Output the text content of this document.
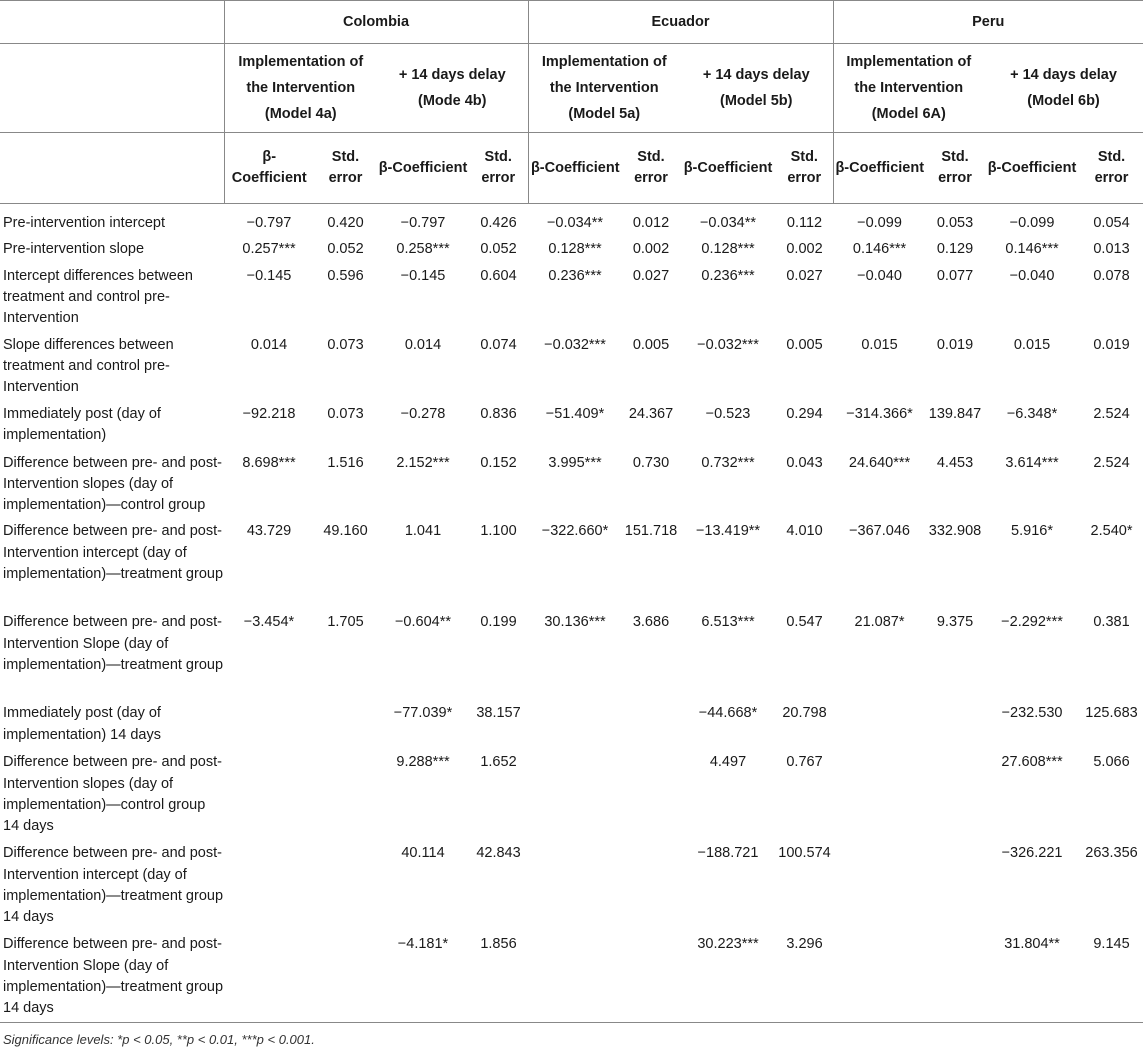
	Colombia				Ecuador				Peru			
	Implementation of the Intervention (Model 4a)		+ 14 days delay (Mode 4b)		Implementation of the Intervention (Model 5a)		+ 14 days delay (Model 5b)		Implementation of the Intervention (Model 6A)		+ 14 days delay (Model 6b)	
	β-Coefficient	Std. error	β-Coefficient	Std. error	β-Coefficient	Std. error	β-Coefficient	Std. error	β-Coefficient	Std. error	β-Coefficient	Std. error
Pre-intervention intercept	−0.797	0.420	−0.797	0.426	−0.034**	0.012	−0.034**	0.112	−0.099	0.053	−0.099	0.054
Pre-intervention slope	0.257***	0.052	0.258***	0.052	0.128***	0.002	0.128***	0.002	0.146***	0.129	0.146***	0.013
Intercept differences between treatment and control pre-Intervention	−0.145	0.596	−0.145	0.604	0.236***	0.027	0.236***	0.027	−0.040	0.077	−0.040	0.078
Slope differences between treatment and control pre-Intervention	0.014	0.073	0.014	0.074	−0.032***	0.005	−0.032***	0.005	0.015	0.019	0.015	0.019
Immediately post (day of implementation)	−92.218	0.073	−0.278	0.836	−51.409*	24.367	−0.523	0.294	−314.366*	139.847	−6.348*	2.524
Difference between pre- and post-Intervention slopes (day of implementation)—control group	8.698***	1.516	2.152***	0.152	3.995***	0.730	0.732***	0.043	24.640***	4.453	3.614***	2.524
Difference between pre- and post-Intervention intercept (day of implementation)—treatment group	43.729	49.160	1.041	1.100	−322.660*	151.718	−13.419**	4.010	−367.046	332.908	5.916*	2.540*
Difference between pre- and post-Intervention Slope (day of implementation)—treatment group	−3.454*	1.705	−0.604**	0.199	30.136***	3.686	6.513***	0.547	21.087*	9.375	−2.292***	0.381
Immediately post (day of implementation) 14 days			−77.039*	38.157			−44.668*	20.798			−232.530	125.683
Difference between pre- and post-Intervention slopes (day of implementation)—control group 14 days			9.288***	1.652			4.497	0.767			27.608***	5.066
Difference between pre- and post-Intervention intercept (day of implementation)—treatment group 14 days			40.114	42.843			−188.721	100.574			−326.221	263.356
Difference between pre- and post-Intervention Slope (day of implementation)—treatment group 14 days			−4.181*	1.856			30.223***	3.296			31.804**	9.145
Significance levels: *p < 0.05, **p < 0.01, ***p < 0.001.
